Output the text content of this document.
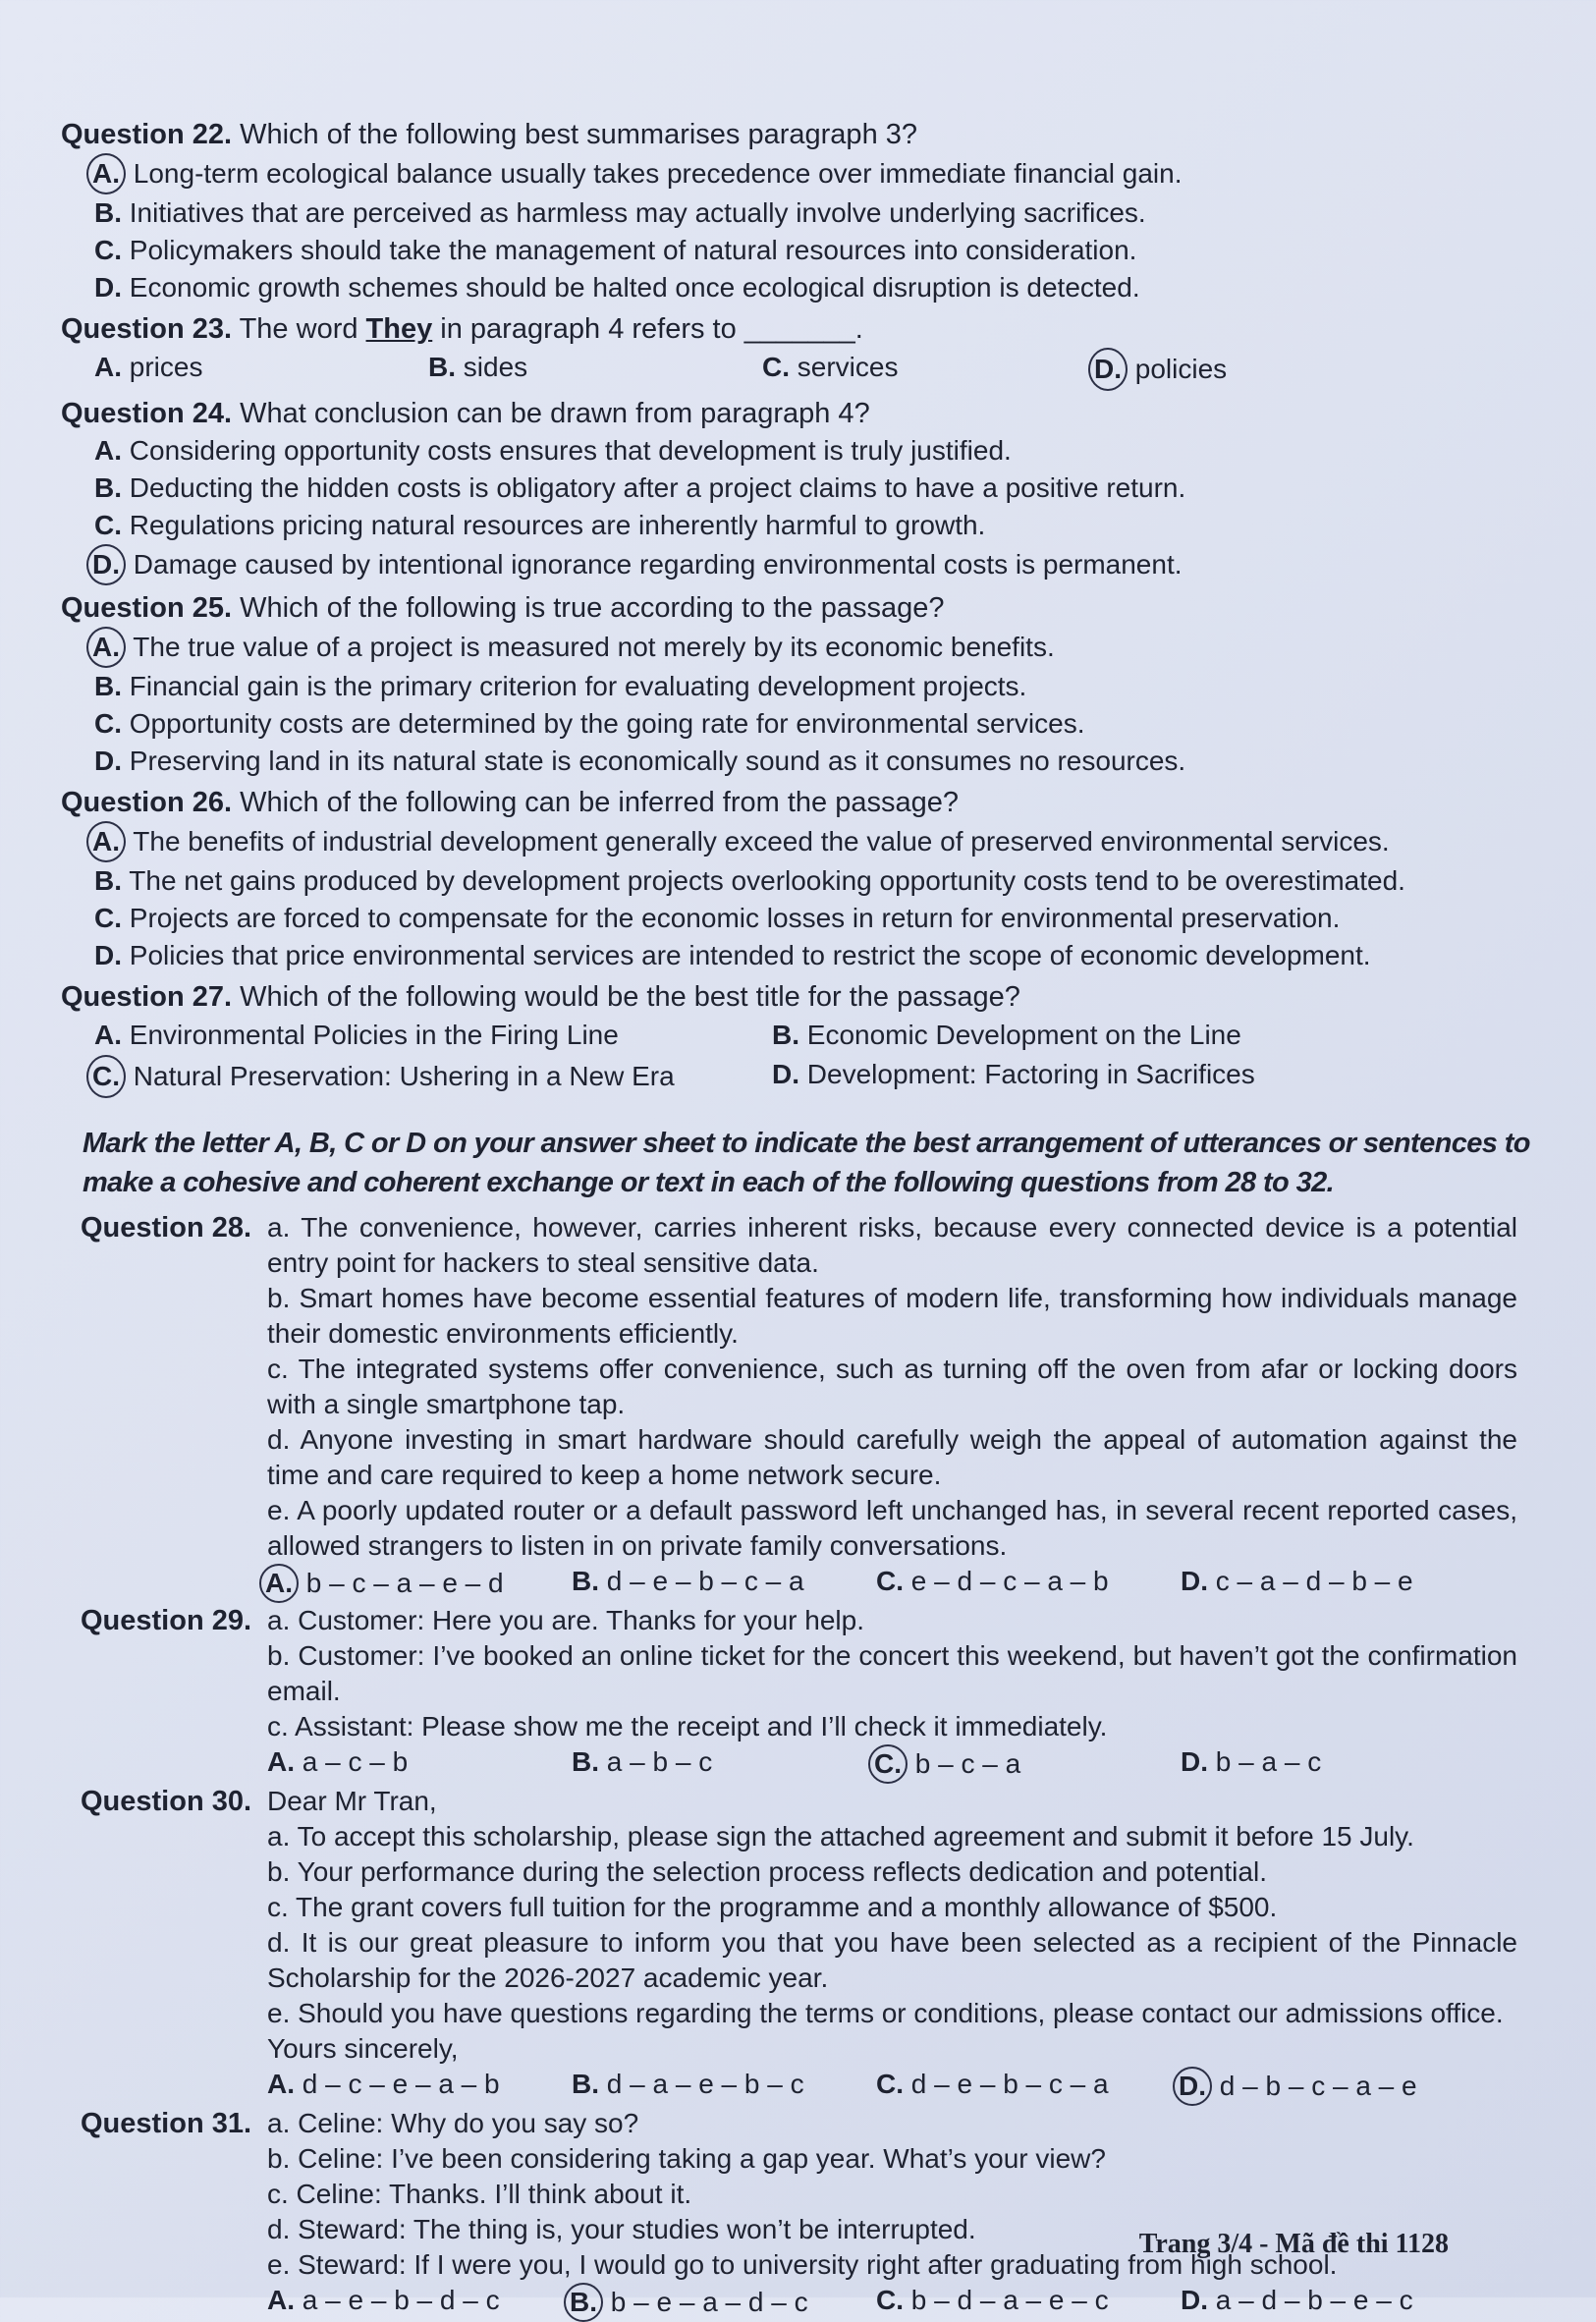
Question 22. Which of the following best summarises paragraph 3?
A. Long-term ecological balance usually takes precedence over immediate financial gain.
B. Initiatives that are perceived as harmless may actually involve underlying sacrifices.
C. Policymakers should take the management of natural resources into consideration.
D. Economic growth schemes should be halted once ecological disruption is detected.
Question 23. The word They in paragraph 4 refers to _______.
A. prices	B. sides	C. services	D. policies
Question 24. What conclusion can be drawn from paragraph 4?
A. Considering opportunity costs ensures that development is truly justified.
B. Deducting the hidden costs is obligatory after a project claims to have a positive return.
C. Regulations pricing natural resources are inherently harmful to growth.
D. Damage caused by intentional ignorance regarding environmental costs is permanent.
Question 25. Which of the following is true according to the passage?
A. The true value of a project is measured not merely by its economic benefits.
B. Financial gain is the primary criterion for evaluating development projects.
C. Opportunity costs are determined by the going rate for environmental services.
D. Preserving land in its natural state is economically sound as it consumes no resources.
Question 26. Which of the following can be inferred from the passage?
A. The benefits of industrial development generally exceed the value of preserved environmental services.
B. The net gains produced by development projects overlooking opportunity costs tend to be overestimated.
C. Projects are forced to compensate for the economic losses in return for environmental preservation.
D. Policies that price environmental services are intended to restrict the scope of economic development.
Question 27. Which of the following would be the best title for the passage?
A. Environmental Policies in the Firing Line	B. Economic Development on the Line
C. Natural Preservation: Ushering in a New Era	D. Development: Factoring in Sacrifices
Mark the letter A, B, C or D on your answer sheet to indicate the best arrangement of utterances or sentences to make a cohesive and coherent exchange or text in each of the following questions from 28 to 32.
Question 28. a. The convenience, however, carries inherent risks, because every connected device is a potential entry point for hackers to steal sensitive data.
b. Smart homes have become essential features of modern life, transforming how individuals manage their domestic environments efficiently.
c. The integrated systems offer convenience, such as turning off the oven from afar or locking doors with a single smartphone tap.
d. Anyone investing in smart hardware should carefully weigh the appeal of automation against the time and care required to keep a home network secure.
e. A poorly updated router or a default password left unchanged has, in several recent reported cases, allowed strangers to listen in on private family conversations.
A. b – c – a – e – d	B. d – e – b – c – a	C. e – d – c – a – b	D. c – a – d – b – e
Question 29. a. Customer: Here you are. Thanks for your help.
b. Customer: I’ve booked an online ticket for the concert this weekend, but haven’t got the confirmation email.
c. Assistant: Please show me the receipt and I’ll check it immediately.
A. a – c – b	B. a – b – c	C. b – c – a	D. b – a – c
Question 30. Dear Mr Tran,
a. To accept this scholarship, please sign the attached agreement and submit it before 15 July.
b. Your performance during the selection process reflects dedication and potential.
c. The grant covers full tuition for the programme and a monthly allowance of $500.
d. It is our great pleasure to inform you that you have been selected as a recipient of the Pinnacle Scholarship for the 2026-2027 academic year.
e. Should you have questions regarding the terms or conditions, please contact our admissions office.
Yours sincerely,
A. d – c – e – a – b	B. d – a – e – b – c	C. d – e – b – c – a	D. d – b – c – a – e
Question 31. a. Celine: Why do you say so?
b. Celine: I’ve been considering taking a gap year. What’s your view?
c. Celine: Thanks. I’ll think about it.
d. Steward: The thing is, your studies won’t be interrupted.
e. Steward: If I were you, I would go to university right after graduating from high school.
A. a – e – b – d – c	B. b – e – a – d – c	C. b – d – a – e – c	D. a – d – b – e – c
Trang 3/4 - Mã đề thi 1128
